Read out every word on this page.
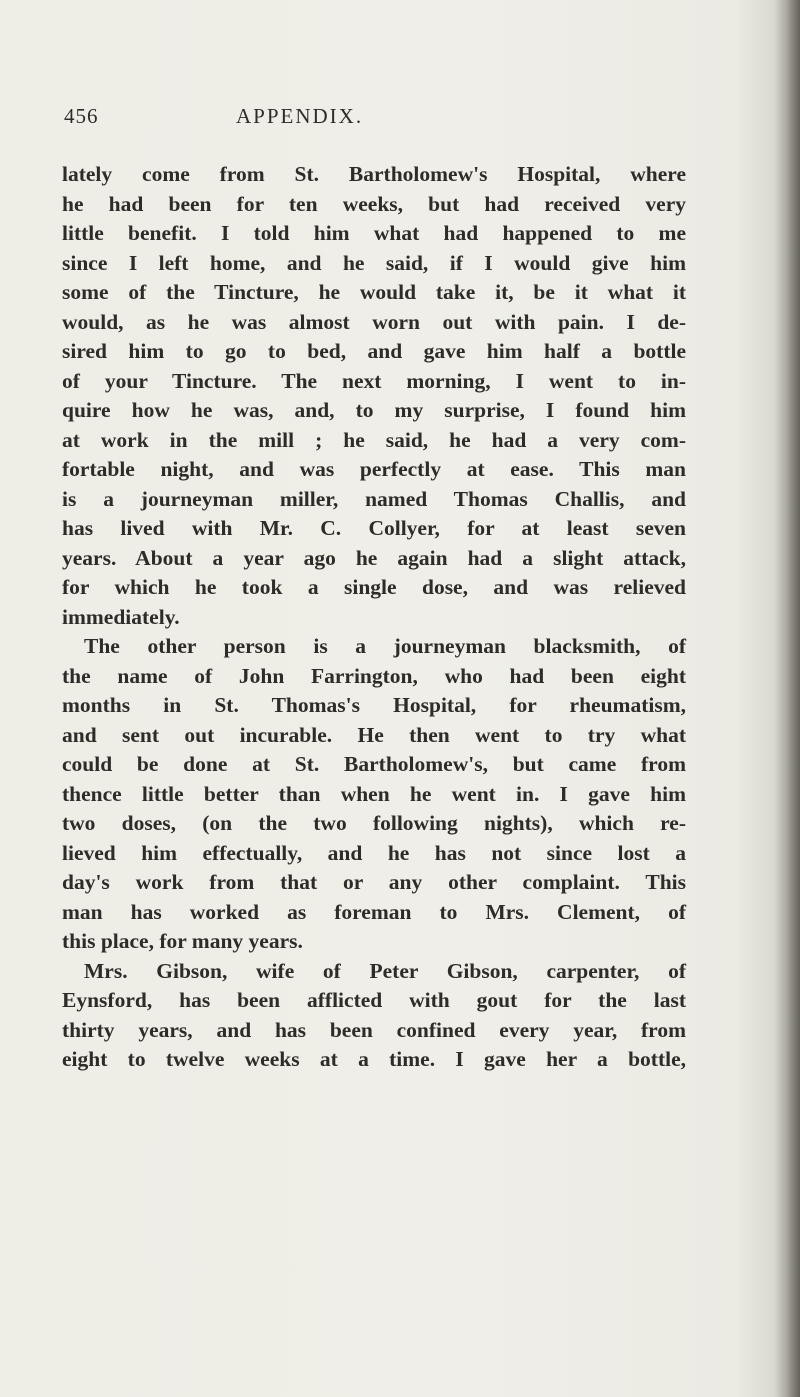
456	APPENDIX.
lately come from St. Bartholomew's Hospital, where
he had been for ten weeks, but had received very
little benefit. I told him what had happened to me
since I left home, and he said, if I would give him
some of the Tincture, he would take it, be it what it
would, as he was almost worn out with pain. I de-
sired him to go to bed, and gave him half a bottle
of your Tincture. The next morning, I went to in-
quire how he was, and, to my surprise, I found him
at work in the mill ; he said, he had a very com-
fortable night, and was perfectly at ease. This man
is a journeyman miller, named Thomas Challis, and
has lived with Mr. C. Collyer, for at least seven
years. About a year ago he again had a slight attack,
for which he took a single dose, and was relieved
immediately.
The other person is a journeyman blacksmith, of
the name of John Farrington, who had been eight
months in St. Thomas's Hospital, for rheumatism,
and sent out incurable. He then went to try what
could be done at St. Bartholomew's, but came from
thence little better than when he went in. I gave him
two doses, (on the two following nights), which re-
lieved him effectually, and he has not since lost a
day's work from that or any other complaint. This
man has worked as foreman to Mrs. Clement, of
this place, for many years.
Mrs. Gibson, wife of Peter Gibson, carpenter, of
Eynsford, has been afflicted with gout for the last
thirty years, and has been confined every year, from
eight to twelve weeks at a time. I gave her a bottle,
